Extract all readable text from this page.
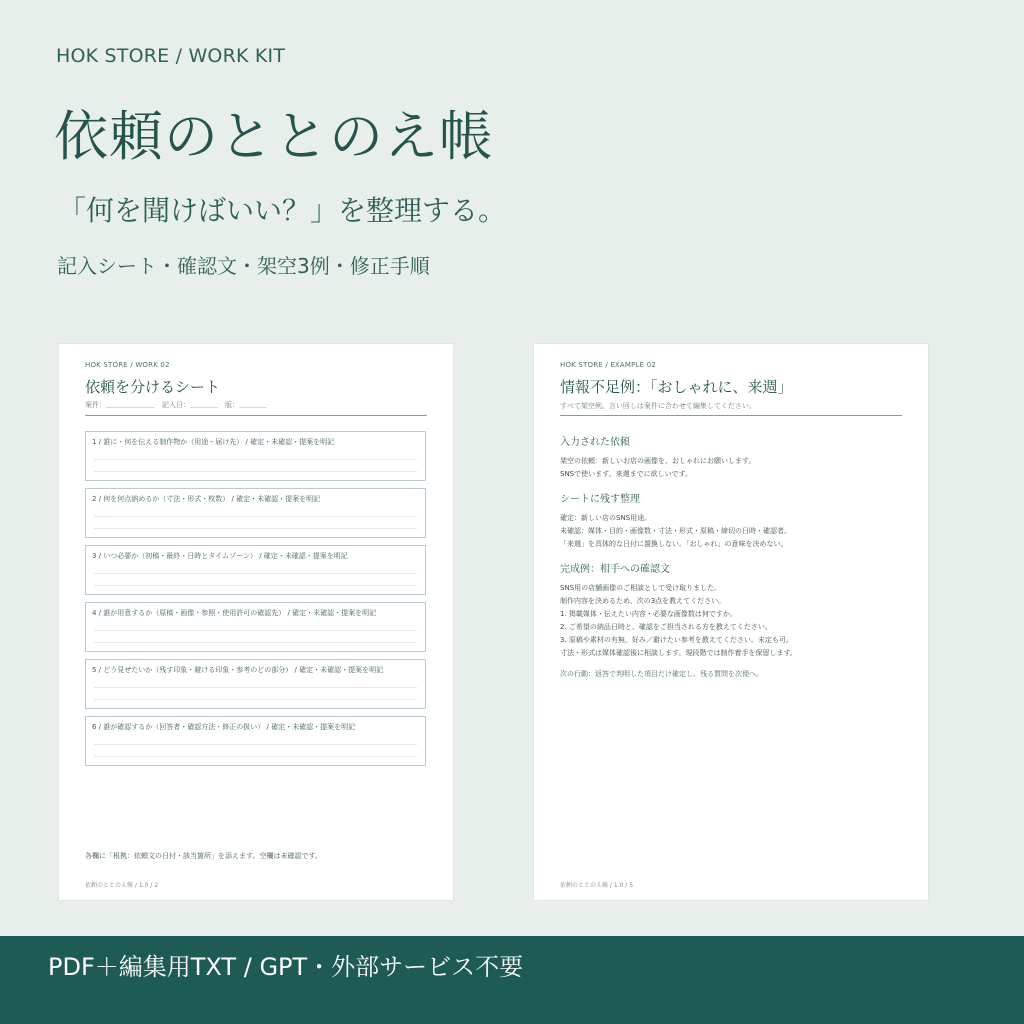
HOK STORE / WORK KIT
依頼のととのえ帳
「何を聞けばいい？」を整理する。
記入シート・確認文・架空3例・修正手順
HOK STORE / WORK 02
依頼を分けるシート
案件：＿＿＿＿＿＿＿　記入日：＿＿＿＿　版：＿＿＿＿
1 / 誰に・何を伝える制作物か（用途・届け先） / 確定・未確認・提案を明記
2 / 何を何点納めるか（寸法・形式・枚数） / 確定・未確認・提案を明記
3 / いつ必要か（初稿・最終・日時とタイムゾーン） / 確定・未確認・提案を明記
4 / 誰が用意するか（原稿・画像・参照・使用許可の確認先） / 確定・未確認・提案を明記
5 / どう見せたいか（残す印象・避ける印象・参考のどの部分） / 確定・未確認・提案を明記
6 / 誰が確認するか（回答者・確認方法・修正の扱い） / 確定・未確認・提案を明記
各欄に「根拠：依頼文の日付・該当箇所」を添えます。空欄は未確認です。
依頼のととのえ帳 / 1.0 / 2
HOK STORE / EXAMPLE 02
情報不足例：「おしゃれに、来週」
すべて架空例。言い回しは案件に合わせて編集してください。
入力された依頼
架空の依頼：新しいお店の画像を、おしゃれにお願いします。
SNSで使います。来週までに欲しいです。
シートに残す整理
確定：新しい店のSNS用途。
未確認：媒体・目的・画像数・寸法・形式・原稿・締切の日時・確認者。
「来週」を具体的な日付に置換しない。「おしゃれ」の意味を決めない。
完成例：相手への確認文
SNS用の店舗画像のご相談として受け取りました。
制作内容を決めるため、次の3点を教えてください。
1. 掲載媒体・伝えたい内容・必要な画像数は何ですか。
2. ご希望の納品日時と、確認をご担当される方を教えてください。
3. 原稿や素材の有無、好み／避けたい参考を教えてください。未定も可。
寸法・形式は媒体確認後に相談します。現段階では制作着手を保留します。
次の行動：返答で判明した項目だけ確定し、残る質問を次便へ。
依頼のととのえ帳 / 1.0 / 5
PDF＋編集用TXT / GPT・外部サービス不要
